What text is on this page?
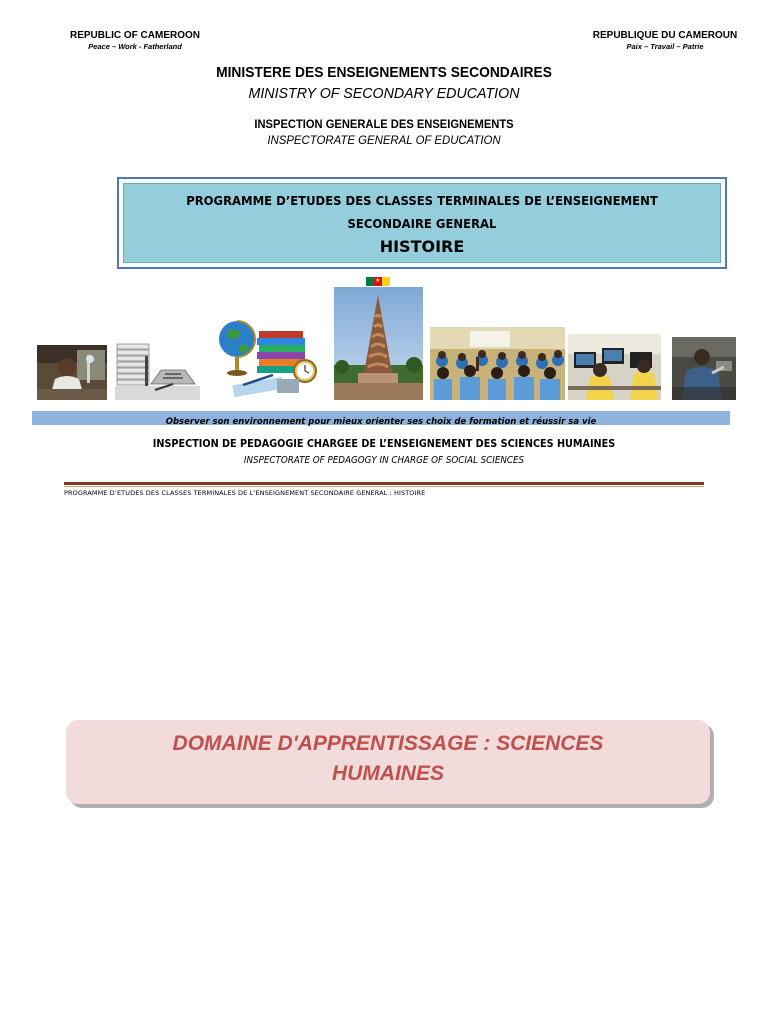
REPUBLIC OF CAMEROON
Peace – Work - Fatherland
REPUBLIQUE DU CAMEROUN
Paix – Travail – Patrie
MINISTERE DES ENSEIGNEMENTS SECONDAIRES
MINISTRY OF SECONDARY EDUCATION
INSPECTION GENERALE DES ENSEIGNEMENTS
INSPECTORATE GENERAL OF EDUCATION
PROGRAMME D’ETUDES DES CLASSES TERMINALES DE L’ENSEIGNEMENT
SECONDAIRE GENERAL
HISTOIRE
★
Observer son environnement pour mieux orienter ses choix de formation et réussir sa vie
INSPECTION DE PEDAGOGIE CHARGEE DE L’ENSEIGNEMENT DES SCIENCES HUMAINES
INSPECTORATE OF PEDAGOGY IN CHARGE OF SOCIAL SCIENCES
PROGRAMME D’ETUDES DES CLASSES TERMINALES DE L’ENSEIGNEMENT SECONDAIRE GENERAL : HISTOIRE
DOMAINE D'APPRENTISSAGE : SCIENCES
HUMAINES
